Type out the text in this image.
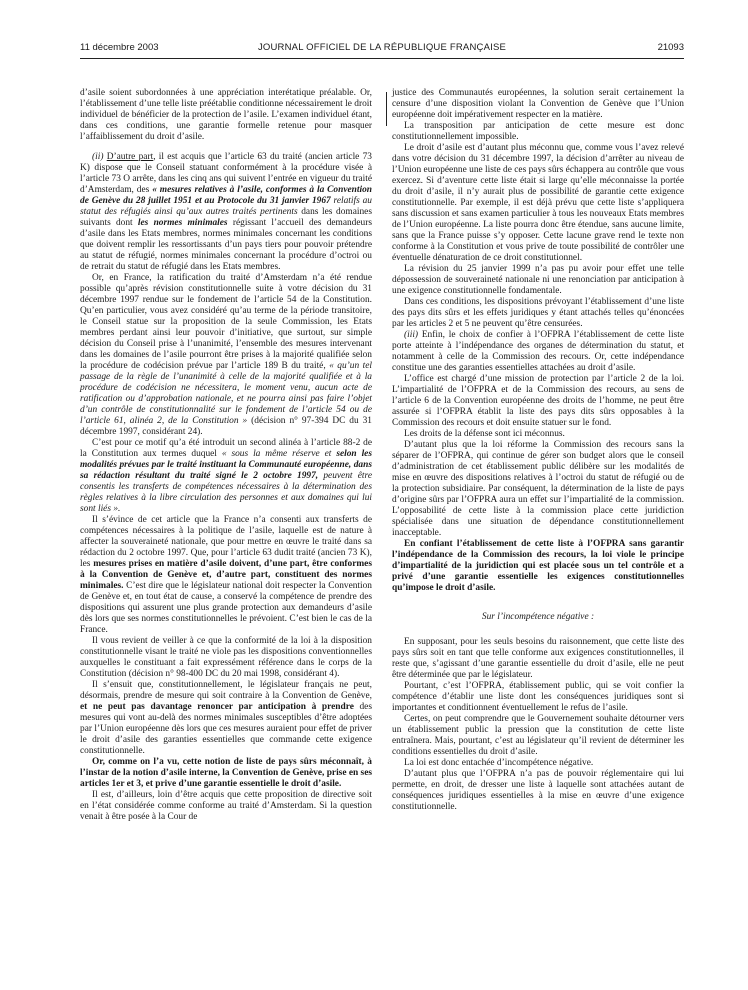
11 décembre 2003	JOURNAL OFFICIEL DE LA RÉPUBLIQUE FRANÇAISE	21093

d’asile soient subordonnées à une appréciation interétatique préalable. Or, l’établissement d’une telle liste préétablie conditionne nécessairement le droit individuel de bénéficier de la protection de l’asile. L’examen individuel étant, dans ces conditions, une garantie formelle retenue pour masquer l’affaiblissement du droit d’asile.

(ii) D’autre part, il est acquis que l’article 63 du traité (ancien article 73 K) dispose que le Conseil statuant conformément à la procédure visée à l’article 73 O arrête, dans les cinq ans qui suivent l’entrée en vigueur du traité d’Amsterdam, des « mesures relatives à l’asile, conformes à la Convention de Genève du 28 juillet 1951 et au Protocole du 31 janvier 1967 relatifs au statut des réfugiés ainsi qu’aux autres traités pertinents dans les domaines suivants dont les normes minimales régissant l’accueil des demandeurs d’asile dans les Etats membres, normes minimales concernant les conditions que doivent remplir les ressortissants d’un pays tiers pour pouvoir prétendre au statut de réfugié, normes minimales concernant la procédure d’octroi ou de retrait du statut de réfugié dans les Etats membres.

Or, en France, la ratification du traité d’Amsterdam n’a été rendue possible qu’après révision constitutionnelle suite à votre décision du 31 décembre 1997 rendue sur le fondement de l’article 54 de la Constitution. Qu’en particulier, vous avez considéré qu’au terme de la période transitoire, le Conseil statue sur la proposition de la seule Commission, les Etats membres perdant ainsi leur pouvoir d’initiative, que surtout, sur simple décision du Conseil prise à l’unanimité, l’ensemble des mesures intervenant dans les domaines de l’asile pourront être prises à la majorité qualifiée selon la procédure de codécision prévue par l’article 189 B du traité, « qu’un tel passage de la règle de l’unanimité à celle de la majorité qualifiée et à la procédure de codécision ne nécessitera, le moment venu, aucun acte de ratification ou d’approbation nationale, et ne pourra ainsi pas faire l’objet d’un contrôle de constitutionnalité sur le fondement de l’article 54 ou de l’article 61, alinéa 2, de la Constitution » (décision n° 97-394 DC du 31 décembre 1997, considérant 24).

C’est pour ce motif qu’a été introduit un second alinéa à l’article 88-2 de la Constitution aux termes duquel « sous la même réserve et selon les modalités prévues par le traité instituant la Communauté européenne, dans sa rédaction résultant du traité signé le 2 octobre 1997, peuvent être consentis les transferts de compétences nécessaires à la détermination des règles relatives à la libre circulation des personnes et aux domaines qui lui sont liés ».

Il s’évince de cet article que la France n’a consenti aux transferts de compétences nécessaires à la politique de l’asile, laquelle est de nature à affecter la souveraineté nationale, que pour mettre en œuvre le traité dans sa rédaction du 2 octobre 1997. Que, pour l’article 63 dudit traité (ancien 73 K), les mesures prises en matière d’asile doivent, d’une part, être conformes à la Convention de Genève et, d’autre part, constituent des normes minimales. C’est dire que le législateur national doit respecter la Convention de Genève et, en tout état de cause, a conservé la compétence de prendre des dispositions qui assurent une plus grande protection aux demandeurs d’asile dès lors que ses normes constitutionnelles le prévoient. C’est bien le cas de la France.

Il vous revient de veiller à ce que la conformité de la loi à la disposition constitutionnelle visant le traité ne viole pas les dispositions conventionnelles auxquelles le constituant a fait expressément référence dans le corps de la Constitution (décision n° 98-400 DC du 20 mai 1998, considérant 4).

Il s’ensuit que, constitutionnellement, le législateur français ne peut, désormais, prendre de mesure qui soit contraire à la Convention de Genève, et ne peut pas davantage renoncer par anticipation à prendre des mesures qui vont au-delà des normes minimales susceptibles d’être adoptées par l’Union européenne dès lors que ces mesures auraient pour effet de priver le droit d’asile des garanties essentielles que commande cette exigence constitutionnelle.

Or, comme on l’a vu, cette notion de liste de pays sûrs méconnaît, à l’instar de la notion d’asile interne, la Convention de Genève, prise en ses articles 1er et 3, et prive d’une garantie essentielle le droit d’asile.

Il est, d’ailleurs, loin d’être acquis que cette proposition de directive soit en l’état considérée comme conforme au traité d’Amsterdam. Si la question venait à être posée à la Cour de

justice des Communautés européennes, la solution serait certainement la censure d’une disposition violant la Convention de Genève que l’Union européenne doit impérativement respecter en la matière.

La transposition par anticipation de cette mesure est donc constitutionnellement impossible.

Le droit d’asile est d’autant plus méconnu que, comme vous l’avez relevé dans votre décision du 31 décembre 1997, la décision d’arrêter au niveau de l’Union européenne une liste de ces pays sûrs échappera au contrôle que vous exercez. Si d’aventure cette liste était si large qu’elle méconnaisse la portée du droit d’asile, il n’y aurait plus de possibilité de garantie cette exigence constitutionnelle. Par exemple, il est déjà prévu que cette liste s’appliquera sans discussion et sans examen particulier à tous les nouveaux Etats membres de l’Union européenne. La liste pourra donc être étendue, sans aucune limite, sans que la France puisse s’y opposer. Cette lacune grave rend le texte non conforme à la Constitution et vous prive de toute possibilité de contrôler une éventuelle dénaturation de ce droit constitutionnel.

La révision du 25 janvier 1999 n’a pas pu avoir pour effet une telle dépossession de souveraineté nationale ni une renonciation par anticipation à une exigence constitutionnelle fondamentale.

Dans ces conditions, les dispositions prévoyant l’établissement d’une liste des pays dits sûrs et les effets juridiques y étant attachés telles qu’énoncées par les articles 2 et 5 ne peuvent qu’être censurées.

(iii) Enfin, le choix de confier à l’OFPRA l’établissement de cette liste porte atteinte à l’indépendance des organes de détermination du statut, et notamment à celle de la Commission des recours. Or, cette indépendance constitue une des garanties essentielles attachées au droit d’asile.

L’office est chargé d’une mission de protection par l’article 2 de la loi. L’impartialité de l’OFPRA et de la Commission des recours, au sens de l’article 6 de la Convention européenne des droits de l’homme, ne peut être assurée si l’OFPRA établit la liste des pays dits sûrs opposables à la Commission des recours et doit ensuite statuer sur le fond.

Les droits de la défense sont ici méconnus.

D’autant plus que la loi réforme la Commission des recours sans la séparer de l’OFPRA, qui continue de gérer son budget alors que le conseil d’administration de cet établissement public délibère sur les modalités de mise en œuvre des dispositions relatives à l’octroi du statut de réfugié ou de la protection subsidiaire. Par conséquent, la détermination de la liste de pays d’origine sûrs par l’OFPRA aura un effet sur l’impartialité de la commission. L’opposabilité de cette liste à la commission place cette juridiction spécialisée dans une situation de dépendance constitutionnellement inacceptable.

En confiant l’établissement de cette liste à l’OFPRA sans garantir l’indépendance de la Commission des recours, la loi viole le principe d’impartialité de la juridiction qui est placée sous un tel contrôle et a privé d’une garantie essentielle les exigences constitutionnelles qu’impose le droit d’asile.

Sur l’incompétence négative :

En supposant, pour les seuls besoins du raisonnement, que cette liste des pays sûrs soit en tant que telle conforme aux exigences constitutionnelles, il reste que, s’agissant d’une garantie essentielle du droit d’asile, elle ne peut être déterminée que par le législateur.

Pourtant, c’est l’OFPRA, établissement public, qui se voit confier la compétence d’établir une liste dont les conséquences juridiques sont si importantes et conditionnent éventuellement le refus de l’asile.

Certes, on peut comprendre que le Gouvernement souhaite détourner vers un établissement public la pression que la constitution de cette liste entraînera. Mais, pourtant, c’est au législateur qu’il revient de déterminer les conditions essentielles du droit d’asile.

La loi est donc entachée d’incompétence négative.

D’autant plus que l’OFPRA n’a pas de pouvoir réglementaire qui lui permette, en droit, de dresser une liste à laquelle sont attachées autant de conséquences juridiques essentielles à la mise en œuvre d’une exigence constitutionnelle.
